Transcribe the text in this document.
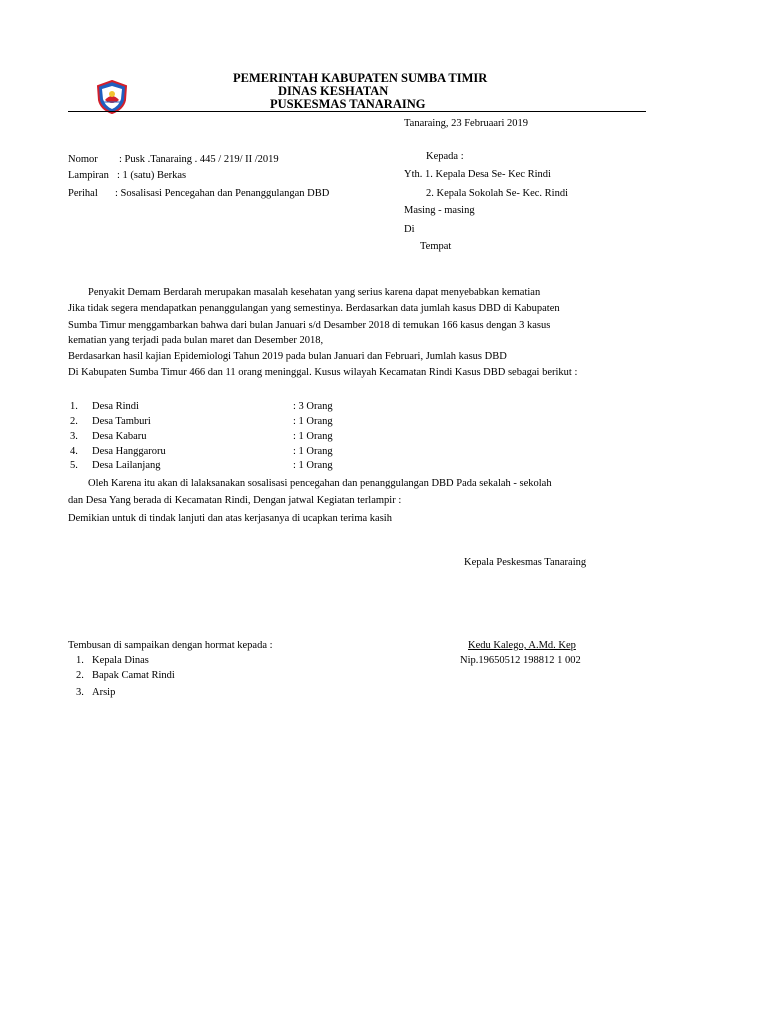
PEMERINTAH KABUPATEN SUMBA TIMIR
DINAS KESHATAN
PUSKESMAS TANARAING
Tanaraing, 23 Februaari 2019
Nomor : Pusk .Tanaraing . 445 / 219/ II /2019
Lampiran : 1 (satu) Berkas
Perihal : Sosalisasi Pencegahan dan Penanggulangan DBD
Kepada :
Yth. 1. Kepala Desa Se- Kec Rindi
2. Kepala Sokolah Se- Kec. Rindi
Masing - masing
Di
Tempat
Penyakit Demam Berdarah merupakan masalah kesehatan yang serius karena dapat menyebabkan kematian
Jika tidak segera mendapatkan penanggulangan yang semestinya. Berdasarkan data jumlah kasus DBD di Kabupaten
Sumba Timur menggambarkan bahwa dari bulan Januari s/d Desamber 2018 di temukan 166 kasus dengan 3 kasus
kematian yang terjadi pada bulan maret dan Desember 2018,
Berdasarkan hasil kajian Epidemiologi Tahun 2019 pada bulan Januari dan Februari, Jumlah kasus DBD
Di Kabupaten Sumba Timur 466 dan 11 orang meninggal. Kusus wilayah Kecamatan Rindi Kasus DBD sebagai berikut :
1. Desa Rindi	: 3 Orang
2. Desa Tamburi	: 1 Orang
3. Desa Kabaru	: 1 Orang
4. Desa Hanggaroru	: 1 Orang
5. Desa Lailanjang	: 1 Orang
Oleh Karena itu akan di lalaksanakan sosalisasi pencegahan dan penanggulangan DBD Pada sekalah - sekolah
dan Desa Yang berada di Kecamatan Rindi, Dengan jatwal Kegiatan terlampir :
Demikian untuk di tindak lanjuti dan atas kerjasanya di ucapkan terima kasih
Kepala Peskesmas Tanaraing
Kedu Kalego, A.Md. Kep
Nip.19650512 198812 1 002
Tembusan di sampaikan dengan hormat kepada :
1. Kepala Dinas
2. Bapak Camat Rindi
3. Arsip
